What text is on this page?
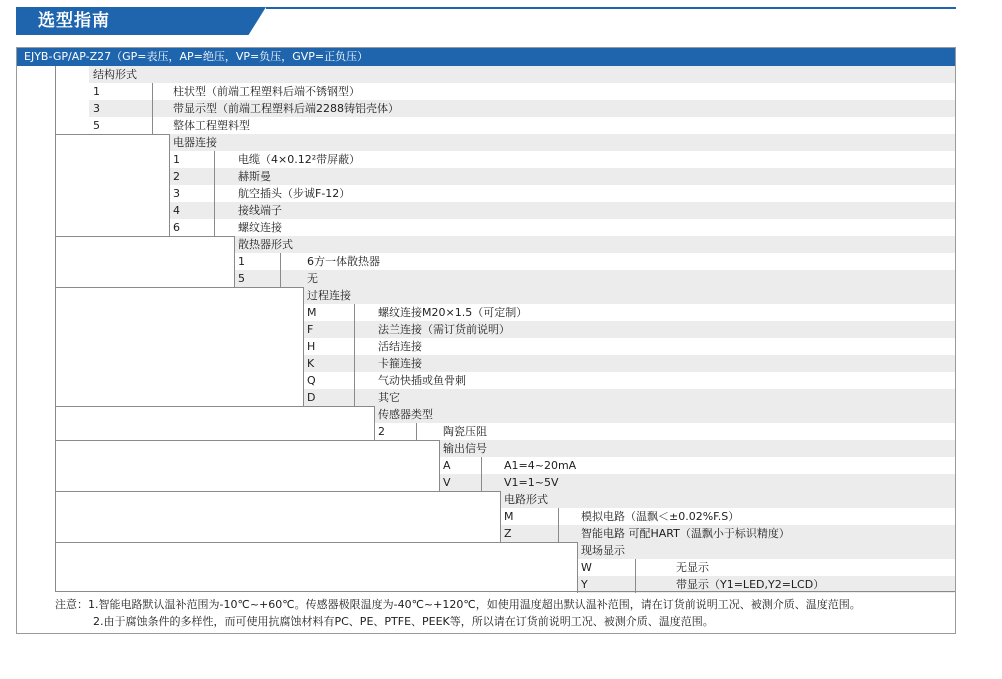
选型指南
EJYB-GP/AP-Z27（GP=表压，AP=绝压，VP=负压，GVP=正负压）
结构形式
1	柱状型（前端工程塑料后端不锈钢型）
3	带显示型（前端工程塑料后端2288铸铝壳体）
5	整体工程塑料型
电器连接
1	电缆（4×0.12²带屏蔽）
2	赫斯曼
3	航空插头（步诚F-12）
4	接线端子
6	螺纹连接
散热器形式
1	6方一体散热器
5	无
过程连接
M	螺纹连接M20×1.5（可定制）
F	法兰连接（需订货前说明）
H	活结连接
K	卡箍连接
Q	气动快插或鱼骨刺
D	其它
传感器类型
2	陶瓷压阻
输出信号
A	A1=4~20mA
V	V1=1~5V
电路形式
M	模拟电路（温飘＜±0.02%F.S）
Z	智能电路 可配HART（温飘小于标识精度）
现场显示
W	无显示
Y	带显示（Y1=LED,Y2=LCD）
注意：1.智能电路默认温补范围为-10℃~+60℃。传感器极限温度为-40℃~+120℃，如使用温度超出默认温补范围，请在订货前说明工况、被测介质、温度范围。
2.由于腐蚀条件的多样性，而可使用抗腐蚀材料有PC、PE、PTFE、PEEK等，所以请在订货前说明工况、被测介质、温度范围。
